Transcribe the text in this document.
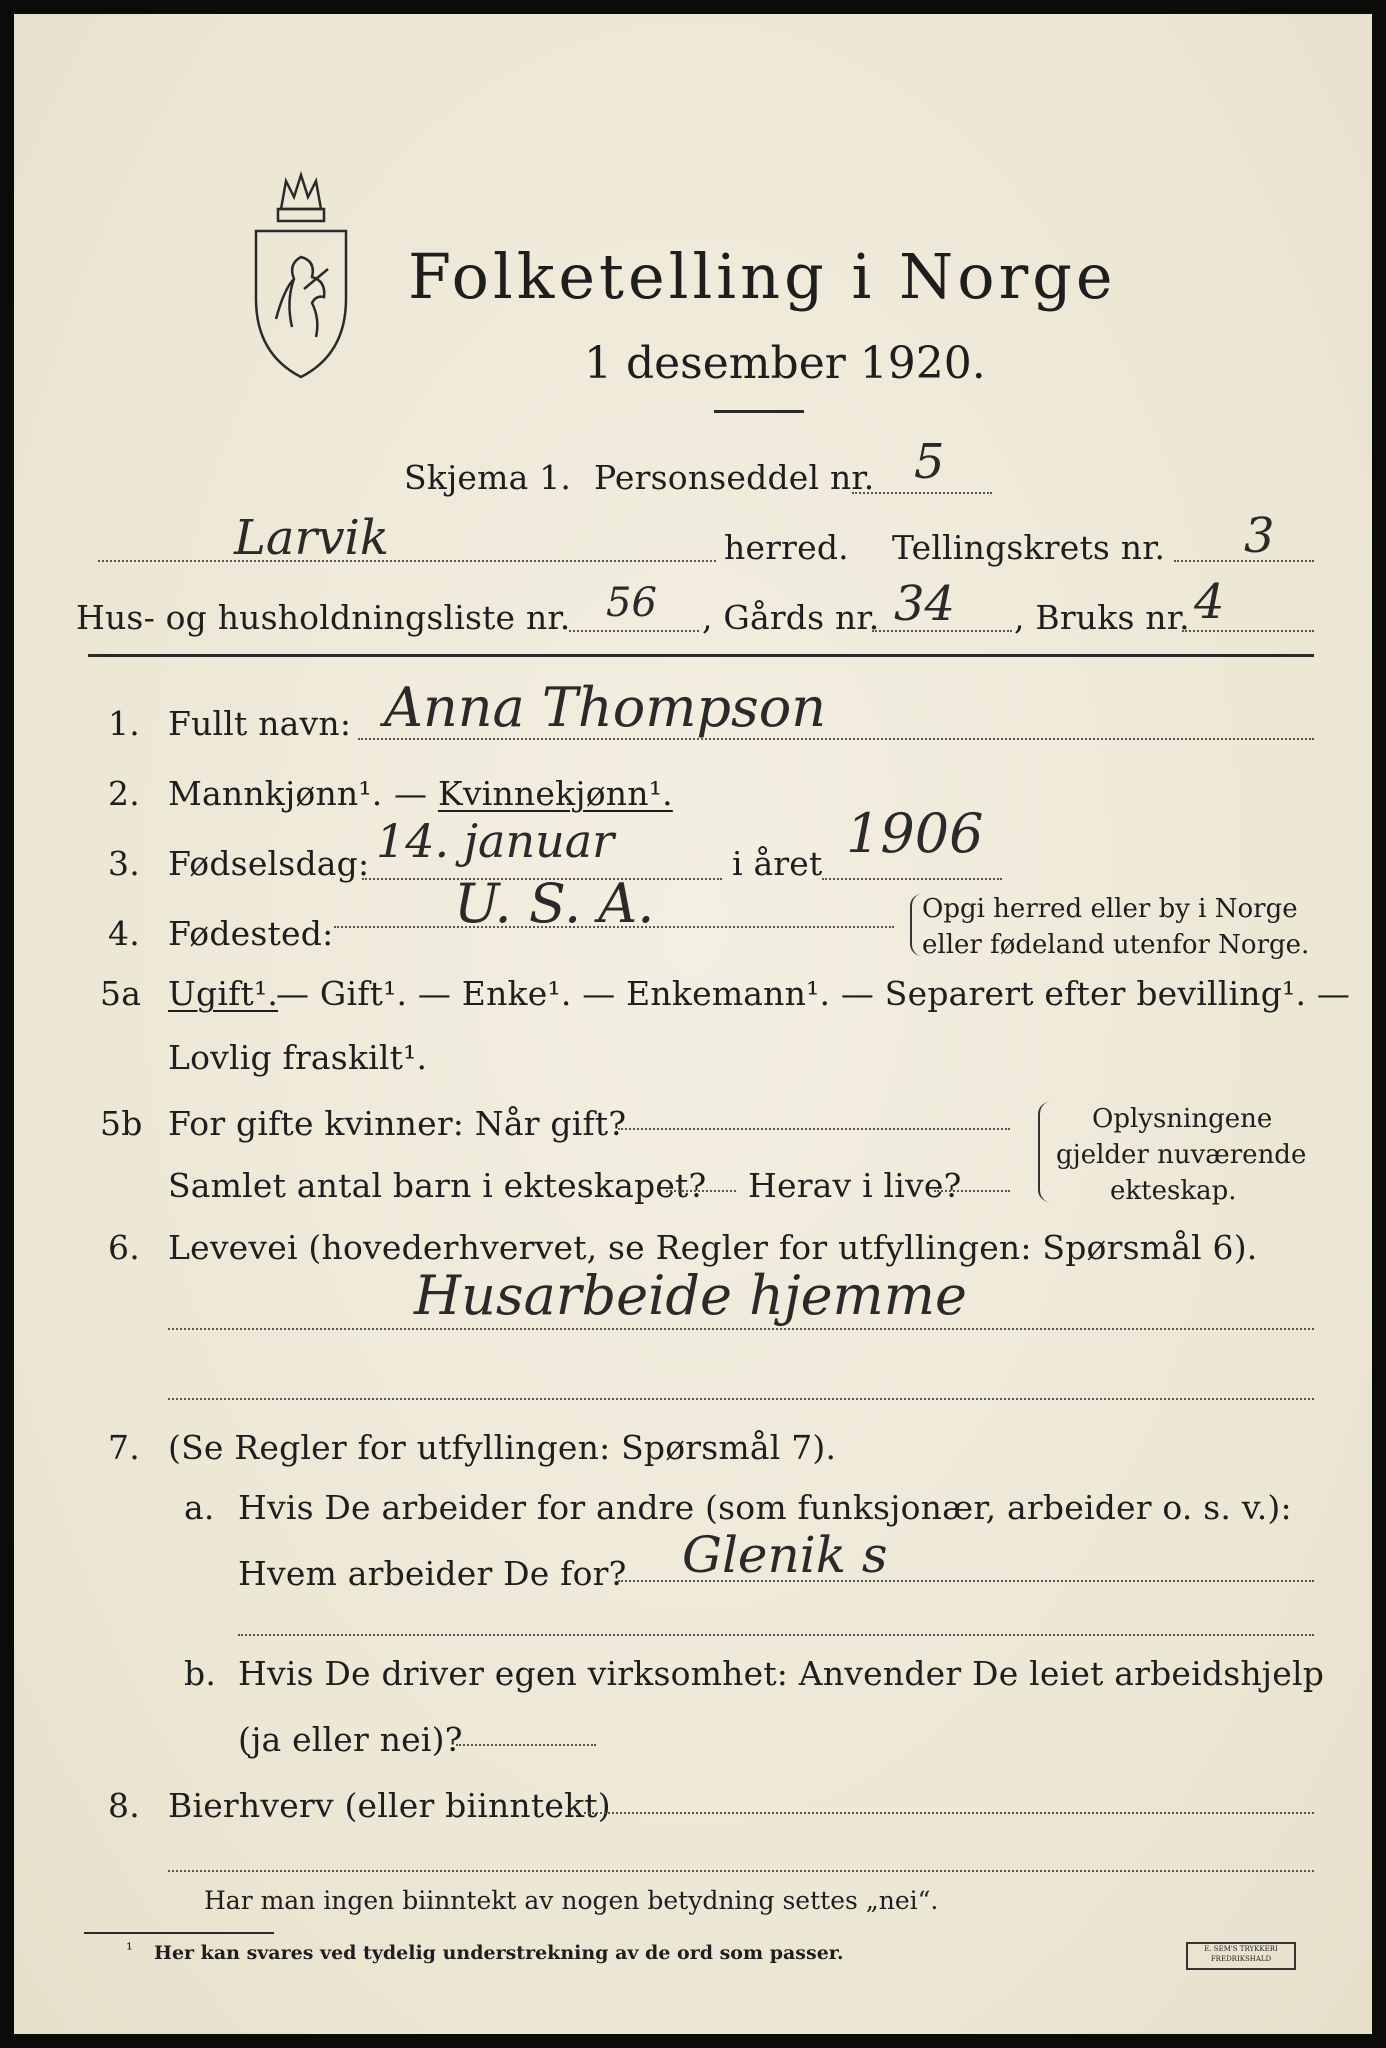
Folketelling i Norge
1 desember 1920.
Skjema 1. Personseddel nr. 5
Larvik	herred. Tellingskrets nr. 3
Hus- og husholdningsliste nr. 56 , Gårds nr. 34 , Bruks nr. 4
1. Fullt navn: Anna Thompson
2. Mannkjønn¹. — Kvinnekjønn¹.
3. Fødselsdag: 14. januar	i året 1906
4. Fødested: U. S. A.	Opgi herred eller by i Norge
eller fødeland utenfor Norge.
5a Ugift¹.
— Gift¹. — Enke¹. — Enkemann¹. — Separert efter bevilling¹. —
Lovlig fraskilt¹.
5b For gifte kvinner: Når gift?
Samlet antal barn i ekteskapet? Herav i live?
Oplysningene
gjelder nuværende
ekteskap.
6. Levevei (hovederhvervet, se Regler for utfyllingen: Spørsmål 6).
Husarbeide hjemme
7. (Se Regler for utfyllingen: Spørsmål 7).
a. Hvis De arbeider for andre (som funksjonær, arbeider o. s. v.):
Hvem arbeider De for? Glenik s
b. Hvis De driver egen virksomhet: Anvender De leiet arbeidshjelp
(ja eller nei)?
8. Bierhverv (eller biinntekt)
Har man ingen biinntekt av nogen betydning settes „nei“.
¹ Her kan svares ved tydelig understrekning av de ord som passer.	E. SEM'S TRYKKERI FREDRIKSHALD
